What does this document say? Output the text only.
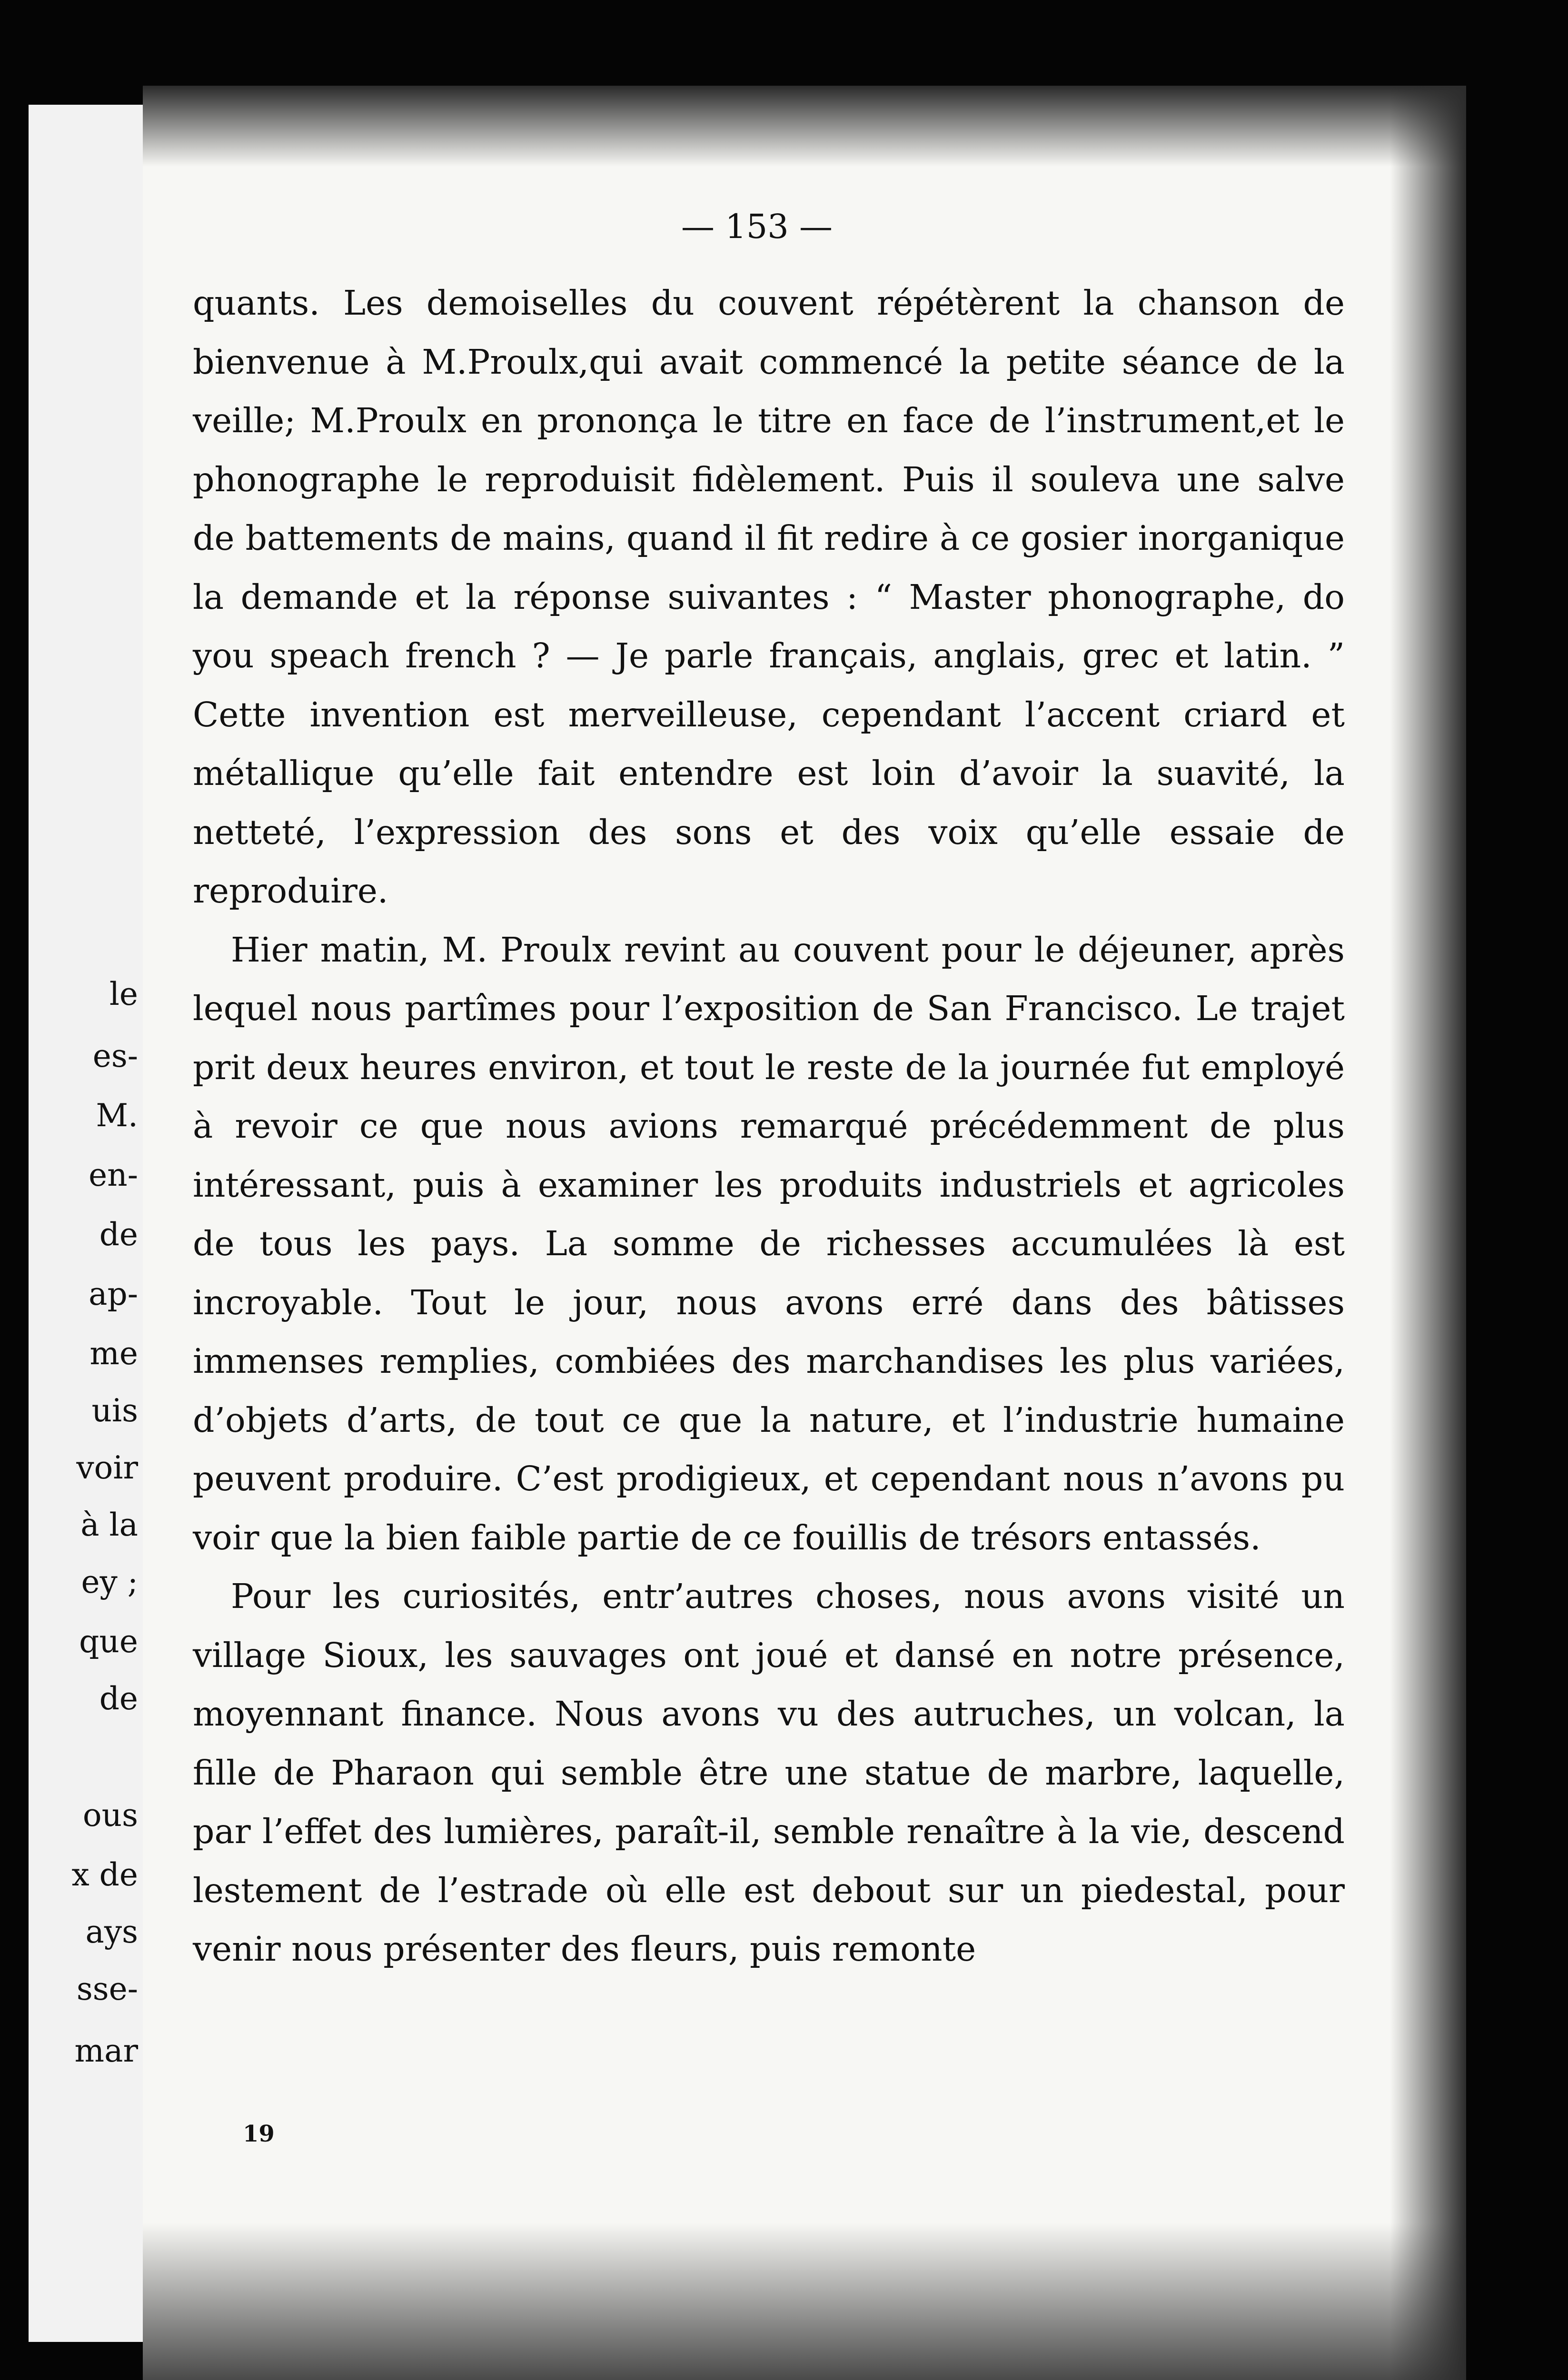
le
es-
M.
en-
de
ap-
me
uis
voir
à la
ey ;
que
de
ous
x de
ays
sse-
mar
— 153 —

quants. Les demoiselles du couvent répétèrent la chanson de bienvenue à M.Proulx,qui avait commencé la petite séance de la veille; M.Proulx en prononça le titre en face de l’instrument,et le phonographe le reproduisit fidèlement. Puis il souleva une salve de battements de mains, quand il fit redire à ce gosier inorganique la demande et la réponse suivantes : “ Master phonographe, do you speach french ? — Je parle français, anglais, grec et latin. ” Cette invention est merveilleuse, cependant l’accent criard et métallique qu’elle fait entendre est loin d’avoir la suavité, la netteté, l’expression des sons et des voix qu’elle essaie de reproduire.

Hier matin, M. Proulx revint au couvent pour le déjeuner, après lequel nous partîmes pour l’exposition de San Francisco. Le trajet prit deux heures environ, et tout le reste de la journée fut employé à revoir ce que nous avions remarqué précédemment de plus intéressant, puis à examiner les produits industriels et agricoles de tous les pays. La somme de richesses accumulées là est incroyable. Tout le jour, nous avons erré dans des bâtisses immenses remplies, combiées des marchandises les plus variées, d’objets d’arts, de tout ce que la nature, et l’industrie humaine peuvent produire. C’est prodigieux, et cependant nous n’avons pu voir que la bien faible partie de ce fouillis de trésors entassés.

Pour les curiosités, entr’autres choses, nous avons visité un village Sioux, les sauvages ont joué et dansé en notre présence, moyennant finance. Nous avons vu des autruches, un volcan, la fille de Pharaon qui semble être une statue de marbre, laquelle, par l’effet des lumières, paraît-il, semble renaître à la vie, descend lestement de l’estrade où elle est debout sur un piedestal, pour venir nous présenter des fleurs, puis remonte

19
